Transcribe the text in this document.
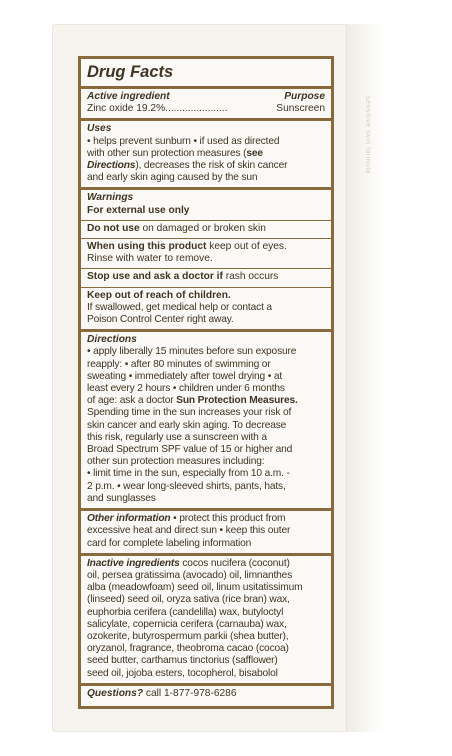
sensitive skin formula
Drug Facts
Active ingredient	Purpose
Zinc oxide 19.2% ......................	Sunscreen
Uses
• helps prevent sunburn • if used as directed
with other sun protection measures (see
Directions), decreases the risk of skin cancer
and early skin aging caused by the sun
Warnings
For external use only
Do not use on damaged or broken skin
When using this product keep out of eyes.
Rinse with water to remove.
Stop use and ask a doctor if rash occurs
Keep out of reach of children.
If swallowed, get medical help or contact a
Poison Control Center right away.
Directions
• apply liberally 15 minutes before sun exposure
reapply: • after 80 minutes of swimming or
sweating • immediately after towel drying • at
least every 2 hours • children under 6 months
of age: ask a doctor Sun Protection Measures.
Spending time in the sun increases your risk of
skin cancer and early skin aging. To decrease
this risk, regularly use a sunscreen with a
Broad Spectrum SPF value of 15 or higher and
other sun protection measures including:
• limit time in the sun, especially from 10 a.m. -
2 p.m. • wear long-sleeved shirts, pants, hats,
and sunglasses
Other information • protect this product from
excessive heat and direct sun • keep this outer
card for complete labeling information
Inactive ingredients cocos nucifera (coconut)
oil, persea gratissima (avocado) oil, limnanthes
alba (meadowfoam) seed oil, linum usitatissimum
(linseed) seed oil, oryza sativa (rice bran) wax,
euphorbia cerifera (candelilla) wax, butyloctyl
salicylate, copernicia cerifera (carnauba) wax,
ozokerite, butyrospermum parkii (shea butter),
oryzanol, fragrance, theobroma cacao (cocoa)
seed butter, carthamus tinctorius (safflower)
seed oil, jojoba esters, tocopherol, bisabolol
Questions? call 1-877-978-6286
